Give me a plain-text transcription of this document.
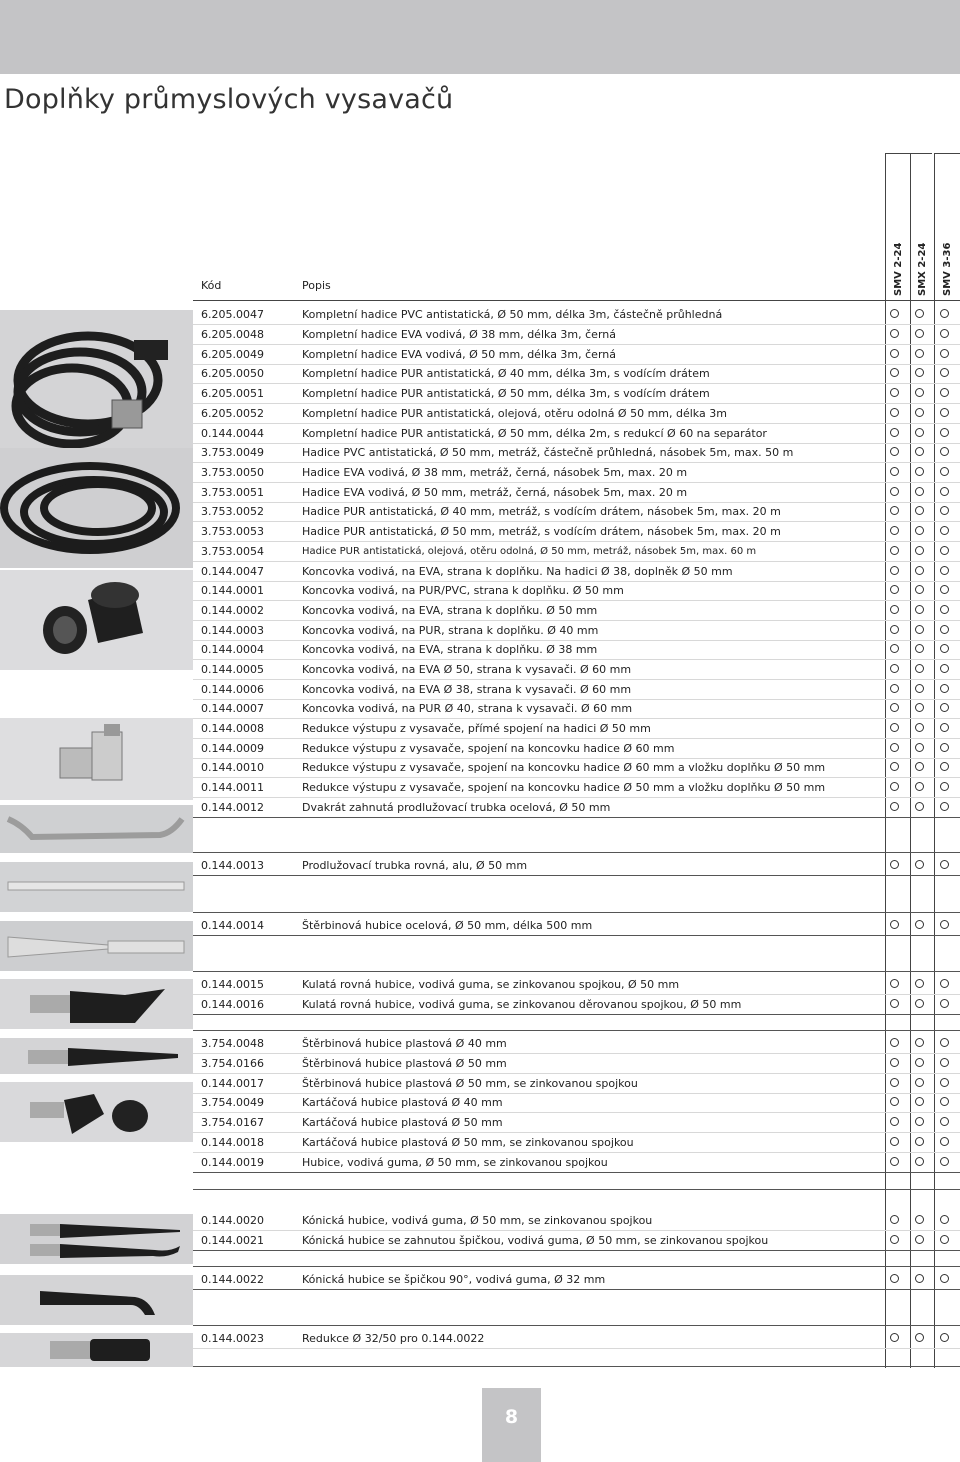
Doplňky průmyslových vysavačů
SMV 2-24 SMX 2-24 SMV 3-36
Kód	Popis
6.205.0047	Kompletní hadice PVC antistatická, Ø 50 mm, délka 3m, částečně průhledná
6.205.0048	Kompletní hadice EVA vodivá, Ø 38 mm, délka 3m, černá
6.205.0049	Kompletní hadice EVA vodivá, Ø 50 mm, délka 3m, černá
6.205.0050	Kompletní hadice PUR antistatická, Ø 40 mm, délka 3m, s vodícím drátem
6.205.0051	Kompletní hadice PUR antistatická, Ø 50 mm, délka 3m, s vodícím drátem
6.205.0052	Kompletní hadice PUR antistatická, olejová, otěru odolná Ø 50 mm, délka 3m
0.144.0044	Kompletní hadice PUR antistatická, Ø 50 mm, délka 2m, s redukcí Ø 60 na separátor
3.753.0049	Hadice PVC antistatická, Ø 50 mm, metráž, částečně průhledná, násobek 5m, max. 50 m
3.753.0050	Hadice EVA vodivá, Ø 38 mm, metráž, černá, násobek 5m, max. 20 m
3.753.0051	Hadice EVA vodivá, Ø 50 mm, metráž, černá, násobek 5m, max. 20 m
3.753.0052	Hadice PUR antistatická, Ø 40 mm, metráž, s vodícím drátem, násobek 5m, max. 20 m
3.753.0053	Hadice PUR antistatická, Ø 50 mm, metráž, s vodícím drátem, násobek 5m, max. 20 m
3.753.0054	Hadice PUR antistatická, olejová, otěru odolná, Ø 50 mm, metráž, násobek 5m, max. 60 m
0.144.0047	Koncovka vodivá, na EVA, strana k doplňku. Na hadici Ø 38, doplněk Ø 50 mm
0.144.0001	Koncovka vodivá, na PUR/PVC, strana k doplňku. Ø 50 mm
0.144.0002	Koncovka vodivá, na EVA, strana k doplňku. Ø 50 mm
0.144.0003	Koncovka vodivá, na PUR, strana k doplňku. Ø 40 mm
0.144.0004	Koncovka vodivá, na EVA, strana k doplňku. Ø 38 mm
0.144.0005	Koncovka vodivá, na EVA Ø 50, strana k vysavači. Ø 60 mm
0.144.0006	Koncovka vodivá, na EVA Ø 38, strana k vysavači. Ø 60 mm
0.144.0007	Koncovka vodivá, na PUR Ø 40, strana k vysavači. Ø 60 mm
0.144.0008	Redukce výstupu z vysavače, přímé spojení na hadici Ø 50 mm
0.144.0009	Redukce výstupu z vysavače, spojení na koncovku hadice Ø 60 mm
0.144.0010	Redukce výstupu z vysavače, spojení na koncovku hadice Ø 60 mm a vložku doplňku Ø 50 mm
0.144.0011	Redukce výstupu z vysavače, spojení na koncovku hadice Ø 50 mm a vložku doplňku Ø 50 mm
0.144.0012	Dvakrát zahnutá prodlužovací trubka ocelová, Ø 50 mm
0.144.0013	Prodlužovací trubka rovná, alu, Ø 50 mm
0.144.0014	Štěrbinová hubice ocelová, Ø 50 mm, délka 500 mm
0.144.0015	Kulatá rovná hubice, vodivá guma, se zinkovanou spojkou, Ø 50 mm
0.144.0016	Kulatá rovná hubice, vodivá guma, se zinkovanou děrovanou spojkou, Ø 50 mm
3.754.0048	Štěrbinová hubice plastová Ø 40 mm
3.754.0166	Štěrbinová hubice plastová Ø 50 mm
0.144.0017	Štěrbinová hubice plastová Ø 50 mm, se zinkovanou spojkou
3.754.0049	Kartáčová hubice plastová Ø 40 mm
3.754.0167	Kartáčová hubice plastová Ø 50 mm
0.144.0018	Kartáčová hubice plastová Ø 50 mm, se zinkovanou spojkou
0.144.0019	Hubice, vodivá guma, Ø 50 mm, se zinkovanou spojkou
0.144.0020	Kónická hubice, vodivá guma, Ø 50 mm, se zinkovanou spojkou
0.144.0021	Kónická hubice se zahnutou špičkou, vodivá guma, Ø 50 mm, se zinkovanou spojkou
0.144.0022	Kónická hubice se špičkou 90°, vodivá guma, Ø 32 mm
0.144.0023	Redukce Ø 32/50 pro 0.144.0022
8
